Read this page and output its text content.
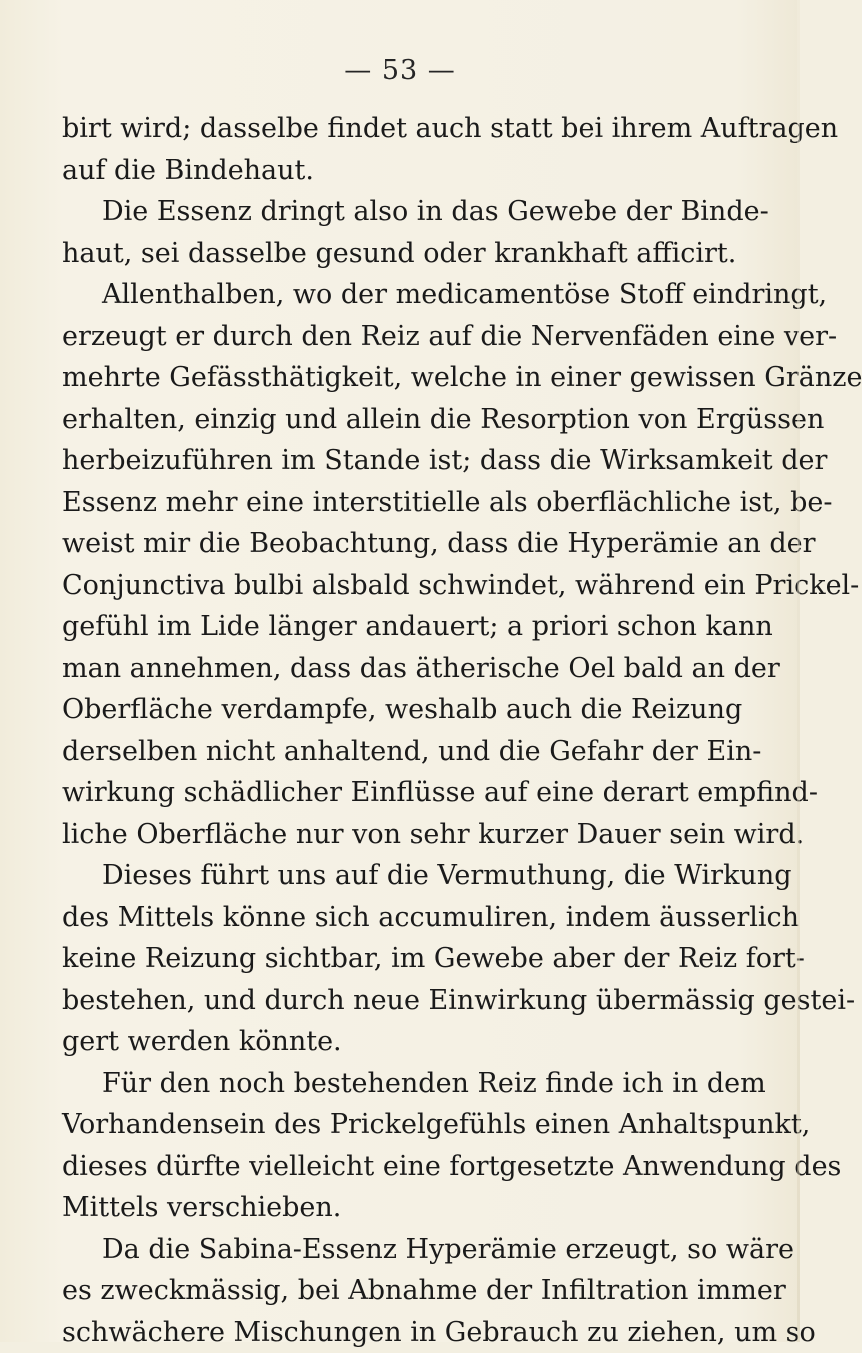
— 53 —
birt wird; dasselbe findet auch statt bei ihrem Auftragen
auf die Bindehaut.
Die Essenz dringt also in das Gewebe der Binde-
haut, sei dasselbe gesund oder krankhaft afficirt.
Allenthalben, wo der medicamentöse Stoff eindringt,
erzeugt er durch den Reiz auf die Nervenfäden eine ver-
mehrte Gefässthätigkeit, welche in einer gewissen Gränze
erhalten, einzig und allein die Resorption von Ergüssen
herbeizuführen im Stande ist; dass die Wirksamkeit der
Essenz mehr eine interstitielle als oberflächliche ist, be-
weist mir die Beobachtung, dass die Hyperämie an der
Conjunctiva bulbi alsbald schwindet, während ein Prickel-
gefühl im Lide länger andauert; a priori schon kann
man annehmen, dass das ätherische Oel bald an der
Oberfläche verdampfe, weshalb auch die Reizung
derselben nicht anhaltend, und die Gefahr der Ein-
wirkung schädlicher Einflüsse auf eine derart empfind-
liche Oberfläche nur von sehr kurzer Dauer sein wird.
Dieses führt uns auf die Vermuthung, die Wirkung
des Mittels könne sich accumuliren, indem äusserlich
keine Reizung sichtbar, im Gewebe aber der Reiz fort-
bestehen, und durch neue Einwirkung übermässig gestei-
gert werden könnte.
Für den noch bestehenden Reiz finde ich in dem
Vorhandensein des Prickelgefühls einen Anhaltspunkt,
dieses dürfte vielleicht eine fortgesetzte Anwendung des
Mittels verschieben.
Da die Sabina-Essenz Hyperämie erzeugt, so wäre
es zweckmässig, bei Abnahme der Infiltration immer
schwächere Mischungen in Gebrauch zu ziehen, um so
